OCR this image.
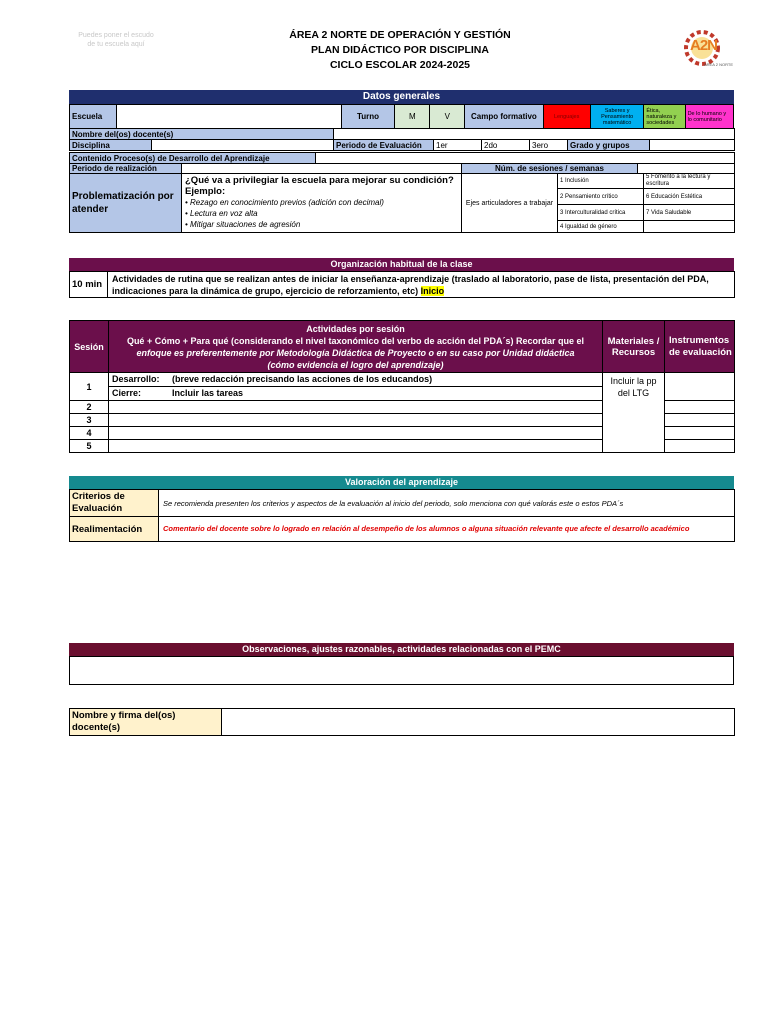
Puedes poner el escudo de tu escuela aquí
ÁREA 2 NORTE DE OPERACIÓN Y GESTIÓN
PLAN DIDÁCTICO POR DISCIPLINA
CICLO ESCOLAR 2024-2025
A2N
ÁREA 2 NORTE
Datos generales
Escuela		Turno	M	V	Campo formativo	Lenguajes	Saberes y Pensamiento matemático	Ética, naturaleza y sociedades	De lo humano y lo comunitario
Nombre del(os) docente(s)							
Disciplina		Periodo de Evaluación	1er	2do	3ero	Grado y grupos	
Contenido Proceso(s) de Desarrollo del Aprendizaje	
Periodo de realización		Núm. de sesiones / semanas	
Problematización por atender	¿Qué va a privilegiar la escuela para mejorar su condición?
Ejemplo:
• Rezago en conocimiento previos (adición con decimal)
• Lectura en voz alta
• Mitigar situaciones de agresión	Ejes articuladores a trabajar	1 Inclusión	5 Fomento a la lectura y escritura
			2 Pensamiento crítico	6 Educación Estética
			3 Interculturalidad crítica	7 Vida Saludable
			4 Igualdad de género	
Organización habitual de la clase
10 min	Actividades de rutina que se realizan antes de iniciar la enseñanza-aprendizaje (traslado al laboratorio, pase de lista, presentación del PDA, indicaciones para la dinámica de grupo, ejercicio de reforzamiento, etc) Inicio
Sesión	Actividades por sesión
Qué + Cómo + Para qué (considerando el nivel taxonómico del verbo de acción del PDA´s) Recordar que el
enfoque es preferentemente por Metodología Didáctica de Proyecto o en su caso por Unidad didáctica
(cómo evidencia el logro del aprendizaje)	Materiales / Recursos	Instrumentos de evaluación
1	Desarrollo: (breve redacción precisando las acciones de los educandos)
Cierre: Incluir las tareas	Incluir la pp del LTG	
2			
3			
4			
5			
Valoración del aprendizaje
Criterios de Evaluación	Se recomienda presenten los criterios y aspectos de la evaluación al inicio del periodo, solo menciona con qué valorás este o estos PDA´s
Realimentación	Comentario del docente sobre lo logrado en relación al desempeño de los alumnos o alguna situación relevante que afecte el desarrollo académico
Observaciones, ajustes razonables, actividades relacionadas con el PEMC
Nombre y firma del(os) docente(s)	
